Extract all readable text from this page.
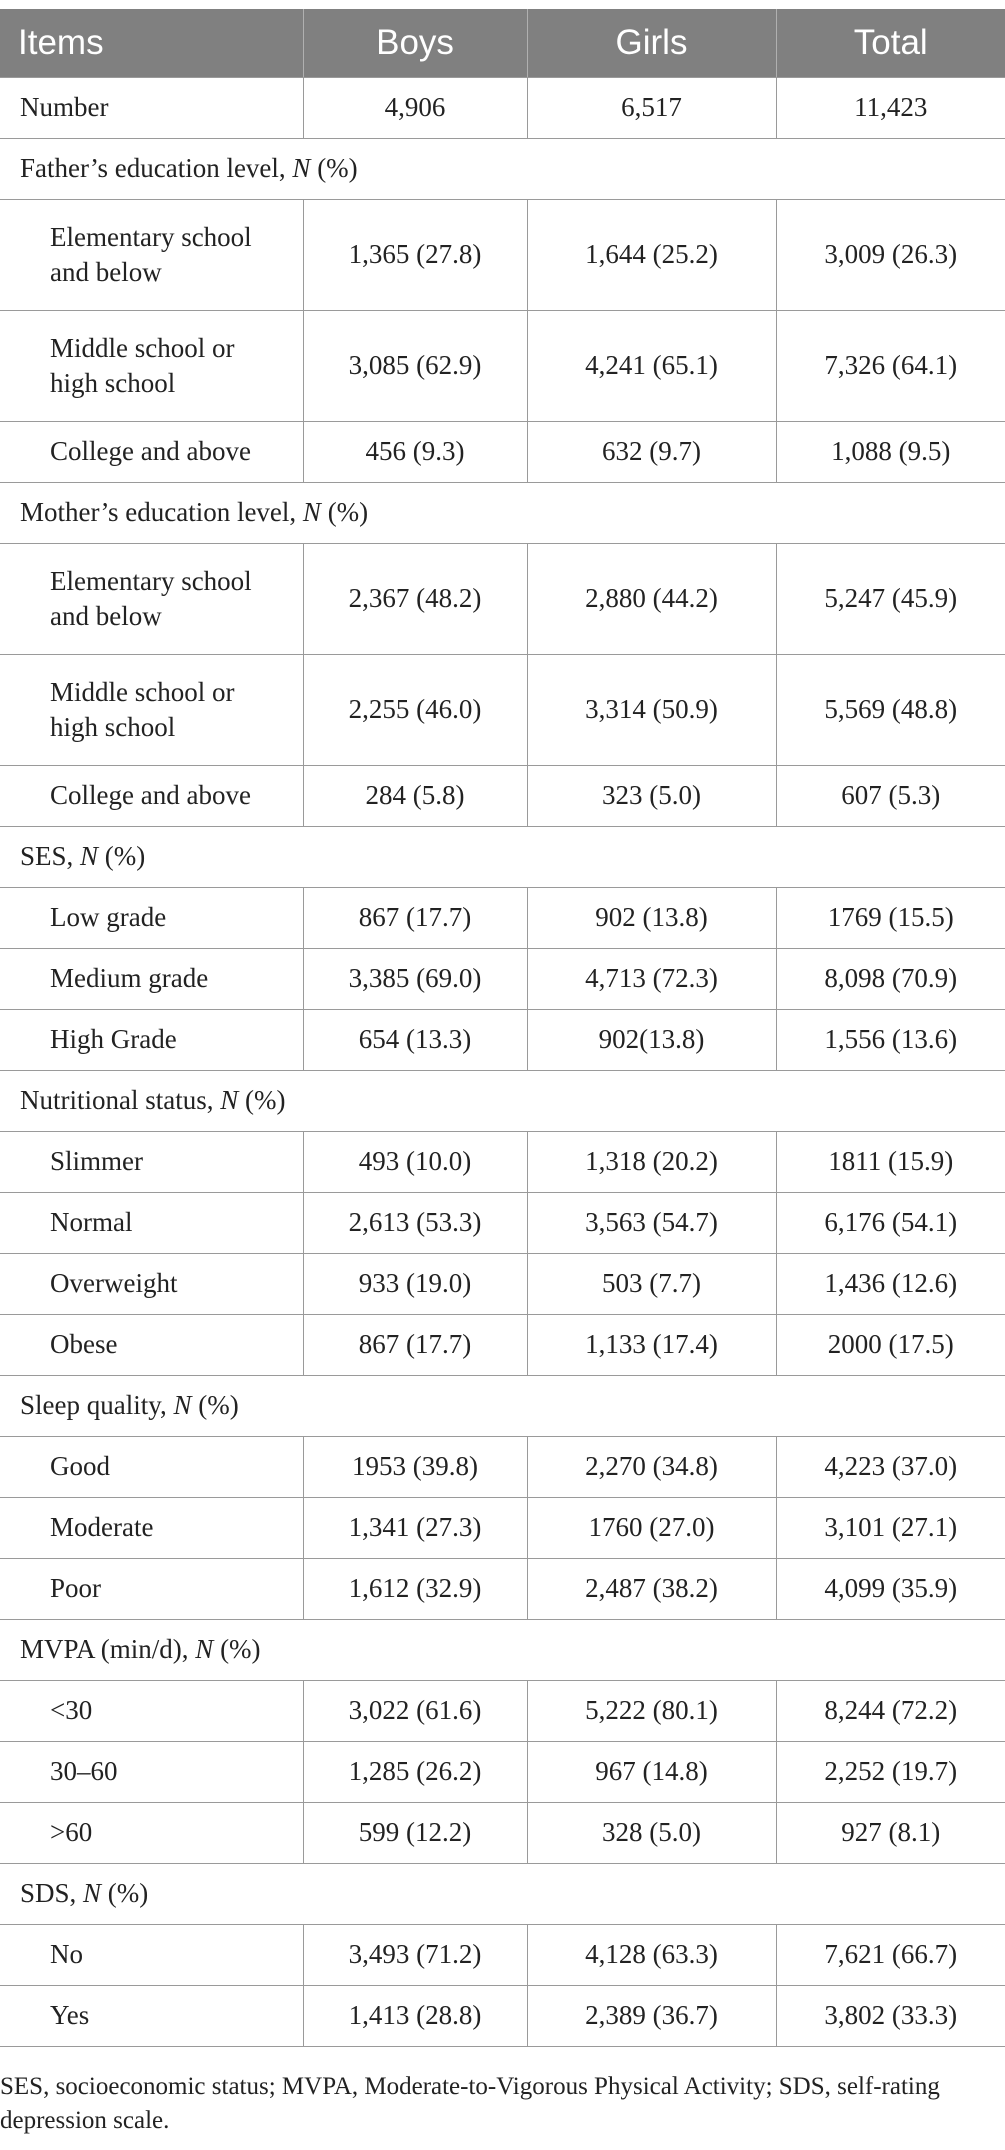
Items	Boys	Girls	Total
Number	4,906	6,517	11,423
Father’s education level, N (%)			

Elementary school
and below	1,365 (27.8)	1,644 (25.2)	3,009 (26.3)

Middle school or
high school	3,085 (62.9)	4,241 (65.1)	7,326 (64.1)

College and above	456 (9.3)	632 (9.7)	1,088 (9.5)
Mother’s education level, N (%)			

Elementary school
and below	2,367 (48.2)	2,880 (44.2)	5,247 (45.9)

Middle school or
high school	2,255 (46.0)	3,314 (50.9)	5,569 (48.8)

College and above	284 (5.8)	323 (5.0)	607 (5.3)
SES, N (%)			

Low grade	867 (17.7)	902 (13.8)	1769 (15.5)

Medium grade	3,385 (69.0)	4,713 (72.3)	8,098 (70.9)

High Grade	654 (13.3)	902(13.8)	1,556 (13.6)
Nutritional status, N (%)			

Slimmer	493 (10.0)	1,318 (20.2)	1811 (15.9)

Normal	2,613 (53.3)	3,563 (54.7)	6,176 (54.1)

Overweight	933 (19.0)	503 (7.7)	1,436 (12.6)

Obese	867 (17.7)	1,133 (17.4)	2000 (17.5)
Sleep quality, N (%)			

Good	1953 (39.8)	2,270 (34.8)	4,223 (37.0)

Moderate	1,341 (27.3)	1760 (27.0)	3,101 (27.1)

Poor	1,612 (32.9)	2,487 (38.2)	4,099 (35.9)
MVPA (min/d), N (%)			

<30	3,022 (61.6)	5,222 (80.1)	8,244 (72.2)

30–60	1,285 (26.2)	967 (14.8)	2,252 (19.7)

>60	599 (12.2)	328 (5.0)	927 (8.1)
SDS, N (%)			

No	3,493 (71.2)	4,128 (63.3)	7,621 (66.7)

Yes	1,413 (28.8)	2,389 (36.7)	3,802 (33.3)
SES, socioeconomic status; MVPA, Moderate-to-Vigorous Physical Activity; SDS, self-rating depression scale.
